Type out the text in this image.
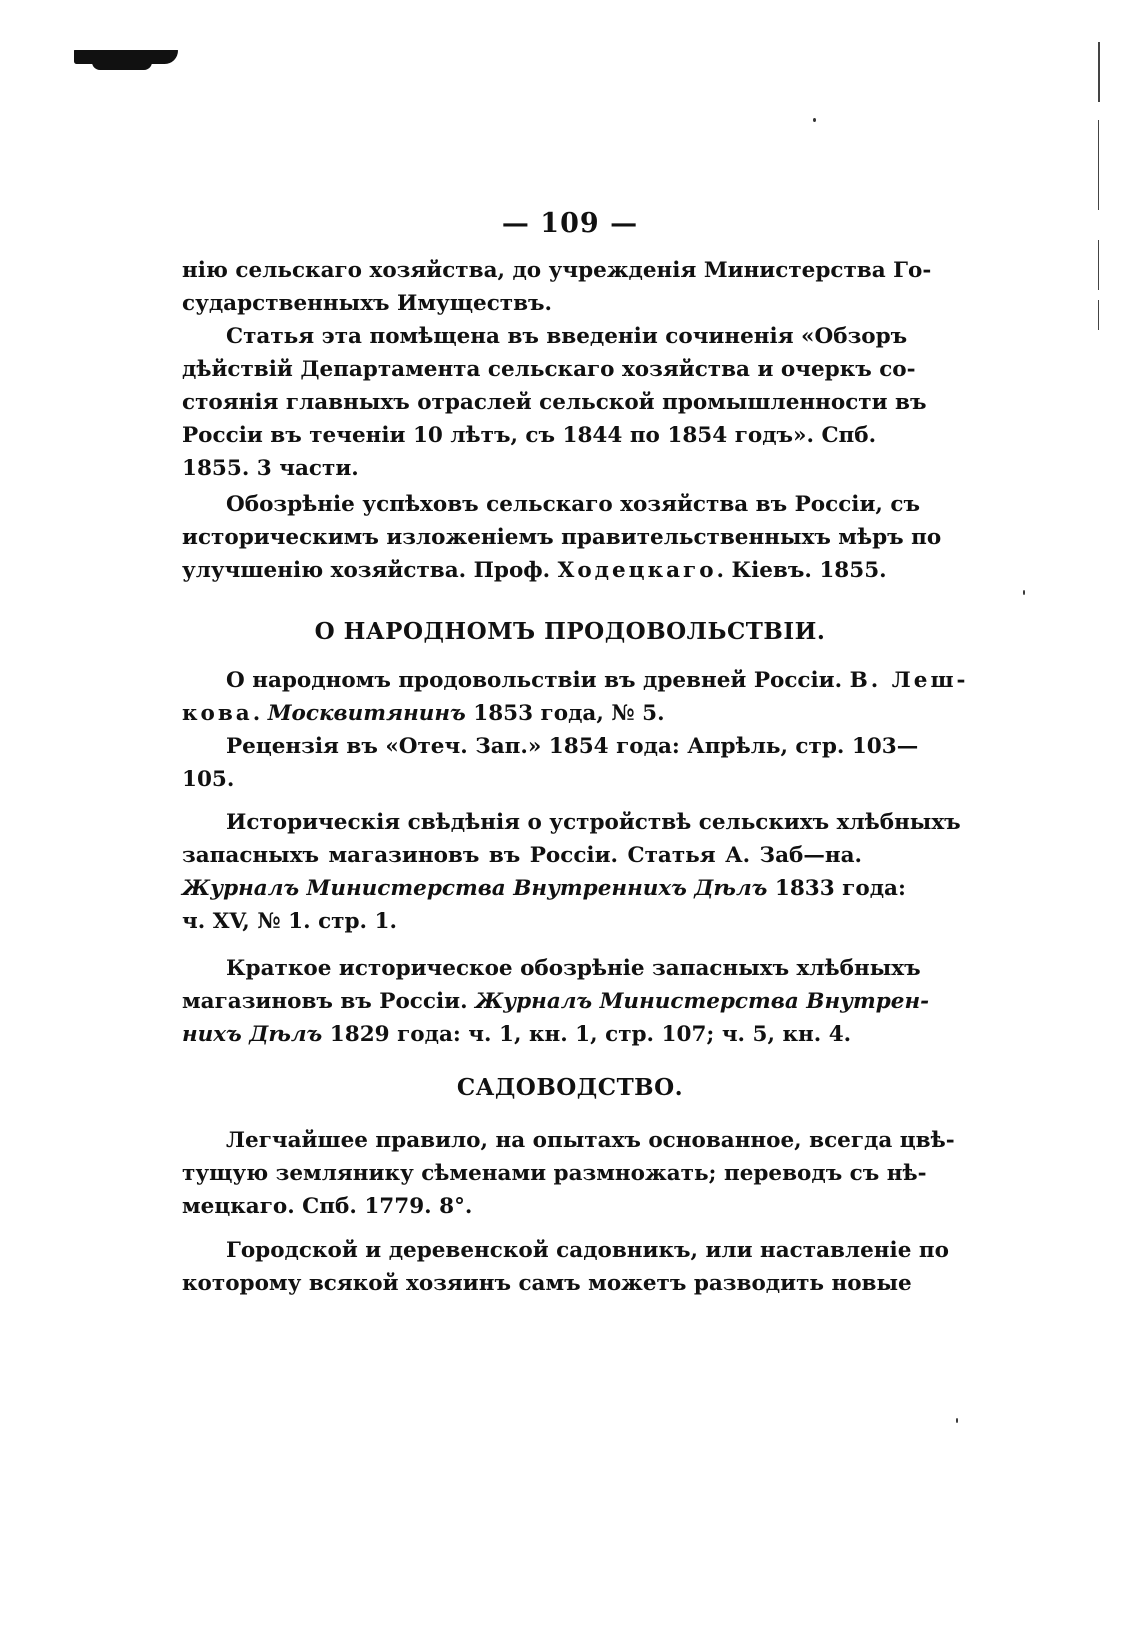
— 109 —
нію сельскаго хозяйства, до учрежденія Министерства Го-
сударственныхъ Имуществъ.
Статья эта помѣщена въ введеніи сочиненія «Обзоръ
дѣйствій Департамента сельскаго хозяйства и очеркъ со-
стоянія главныхъ отраслей сельской промышленности въ
Россіи въ теченіи 10 лѣтъ, съ 1844 по 1854 годъ». Спб.
1855. 3 части.
Обозрѣніе успѣховъ сельскаго хозяйства въ Россіи, съ
историческимъ изложеніемъ правительственныхъ мѣръ по
улучшенію хозяйства. Проф. Ходецкаго. Кіевъ. 1855.
О НАРОДНОМЪ ПРОДОВОЛЬСТВІИ.
О народномъ продовольствіи въ древней Россіи. В. Леш-
кова. Москвитянинъ 1853 года, № 5.
Рецензія въ «Отеч. Зап.» 1854 года: Апрѣль, стр. 103—
105.
Историческія свѣдѣнія о устройствѣ сельскихъ хлѣбныхъ
запасныхъ магазиновъ въ Россіи. Статья А. Заб—на.
Журналъ Министерства Внутреннихъ Дѣлъ 1833 года:
ч. XV, № 1. стр. 1.
Краткое историческое обозрѣніе запасныхъ хлѣбныхъ
магазиновъ въ Россіи. Журналъ Министерства Внутрен-
нихъ Дѣлъ 1829 года: ч. 1, кн. 1, стр. 107; ч. 5, кн. 4.
САДОВОДСТВО.
Легчайшее правило, на опытахъ основанное, всегда цвѣ-
тущую землянику сѣменами размножать; переводъ съ нѣ-
мецкаго. Спб. 1779. 8°.
Городской и деревенской садовникъ, или наставленіе по
которому всякой хозяинъ самъ можетъ разводить новые
